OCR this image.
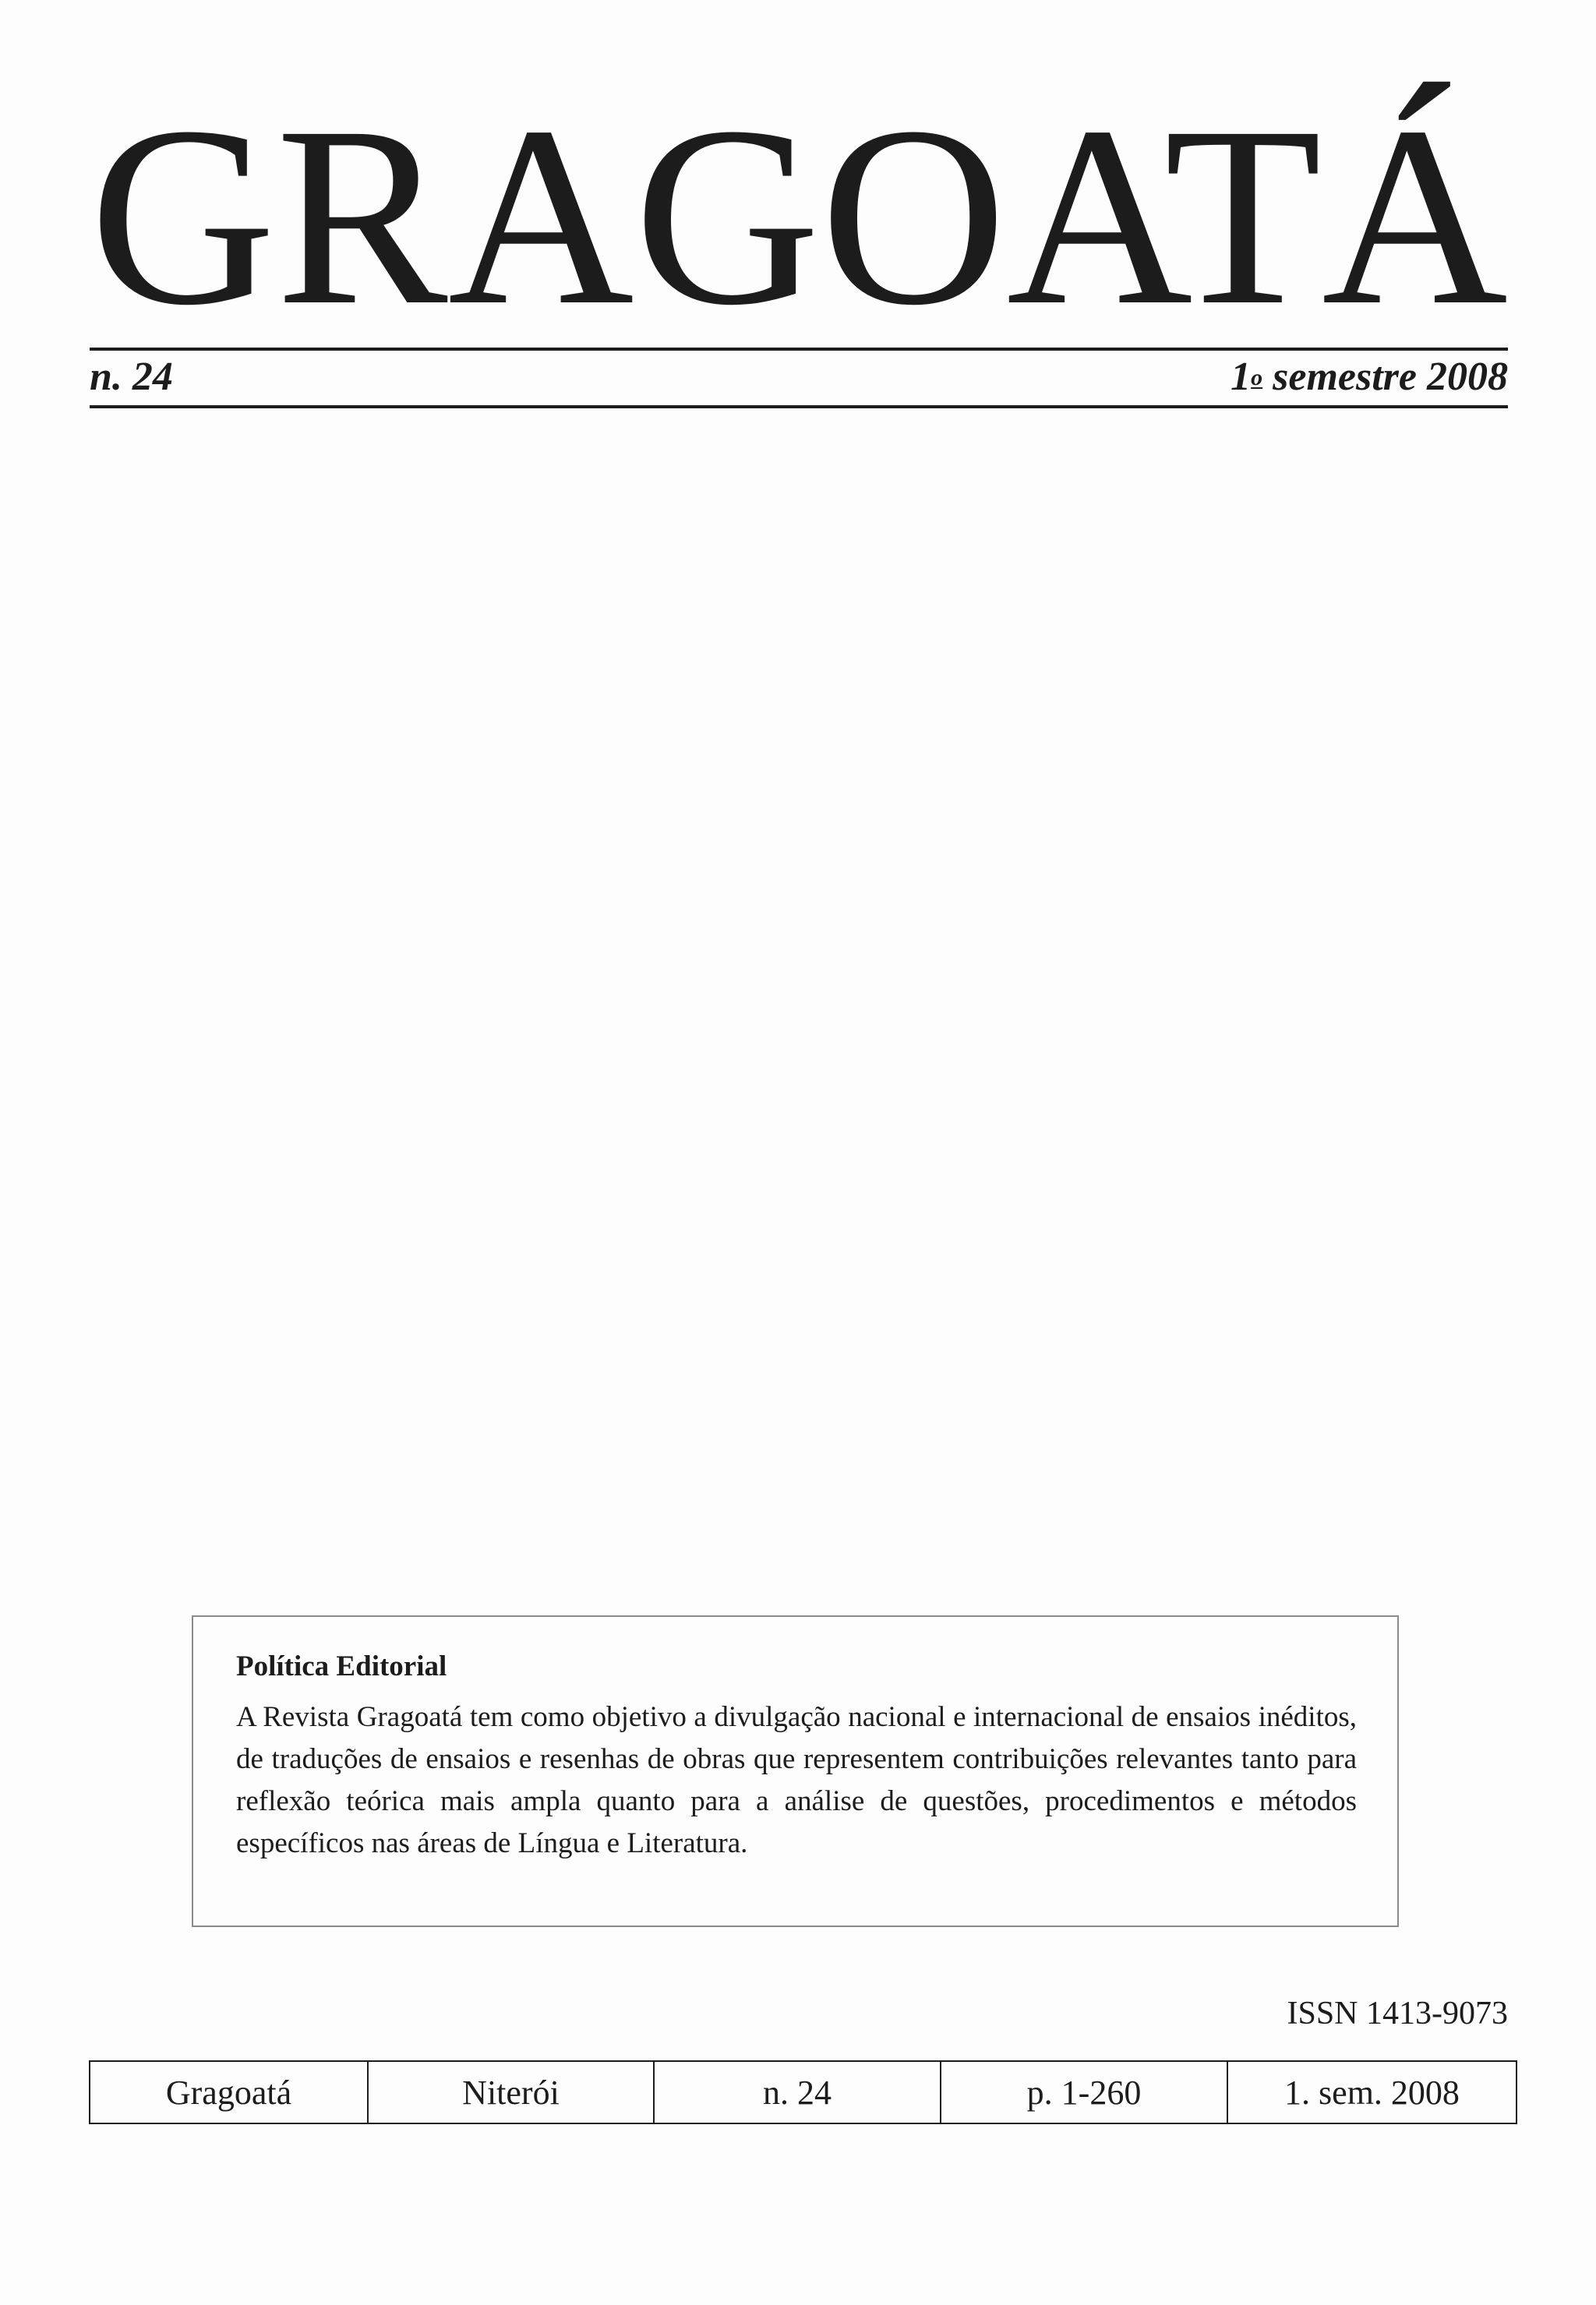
GRAGOATÁ
n. 24	1$^o$ semestre 2008

Política Editorial

A Revista Gragoatá tem como objetivo a divulgação nacional e internacional de ensaios inéditos, de traduções de ensaios e resenhas de obras que representem contribuições relevantes tanto para reflexão teórica mais ampla quanto para a análise de questões, procedimentos e métodos específicos nas áreas de Língua e Literatura.

ISSN 1413-9073
Gragoatá	Niterói	n. 24	p. 1-260	1. sem. 2008
